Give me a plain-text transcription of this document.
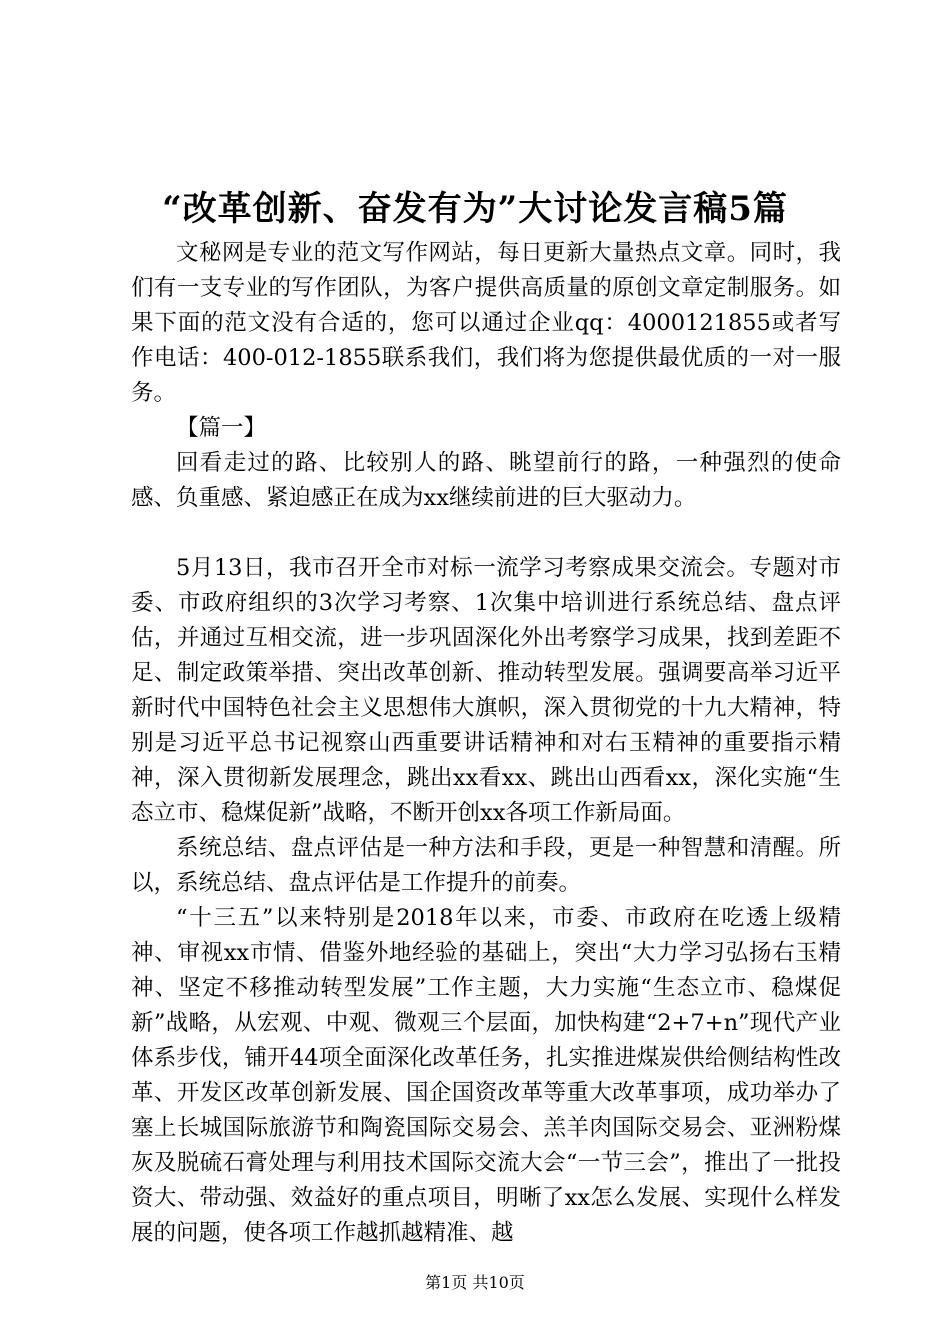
“改革创新、奋发有为”大讨论发言稿5篇

文秘网是专业的范文写作网站，每日更新大量热点文章。同时，我们有一支专业的写作团队，为客户提供高质量的原创文章定制服务。如果下面的范文没有合适的，您可以通过企业qq：4000121855或者写作电话：400-012-1855联系我们，我们将为您提供最优质的一对一服务。

【篇一】

回看走过的路、比较别人的路、眺望前行的路，一种强烈的使命感、负重感、紧迫感正在成为xx继续前进的巨大驱动力。

5月13日，我市召开全市对标一流学习考察成果交流会。专题对市委、市政府组织的3次学习考察、1次集中培训进行系统总结、盘点评估，并通过互相交流，进一步巩固深化外出考察学习成果，找到差距不足、制定政策举措、突出改革创新、推动转型发展。强调要高举习近平新时代中国特色社会主义思想伟大旗帜，深入贯彻党的十九大精神，特别是习近平总书记视察山西重要讲话精神和对右玉精神的重要指示精神，深入贯彻新发展理念，跳出xx看xx、跳出山西看xx，深化实施“生态立市、稳煤促新”战略，不断开创xx各项工作新局面。

系统总结、盘点评估是一种方法和手段，更是一种智慧和清醒。所以，系统总结、盘点评估是工作提升的前奏。

“十三五”以来特别是2018年以来，市委、市政府在吃透上级精神、审视xx市情、借鉴外地经验的基础上，突出“大力学习弘扬右玉精神、坚定不移推动转型发展”工作主题，大力实施“生态立市、稳煤促新”战略，从宏观、中观、微观三个层面，加快构建“2+7+n”现代产业体系步伐，铺开44项全面深化改革任务，扎实推进煤炭供给侧结构性改革、开发区改革创新发展、国企国资改革等重大改革事项，成功举办了塞上长城国际旅游节和陶瓷国际交易会、羔羊肉国际交易会、亚洲粉煤灰及脱硫石膏处理与利用技术国际交流大会“一节三会”，推出了一批投资大、带动强、效益好的重点项目，明晰了xx怎么发展、实现什么样发展的问题，使各项工作越抓越精准、越

第1页 共10页
